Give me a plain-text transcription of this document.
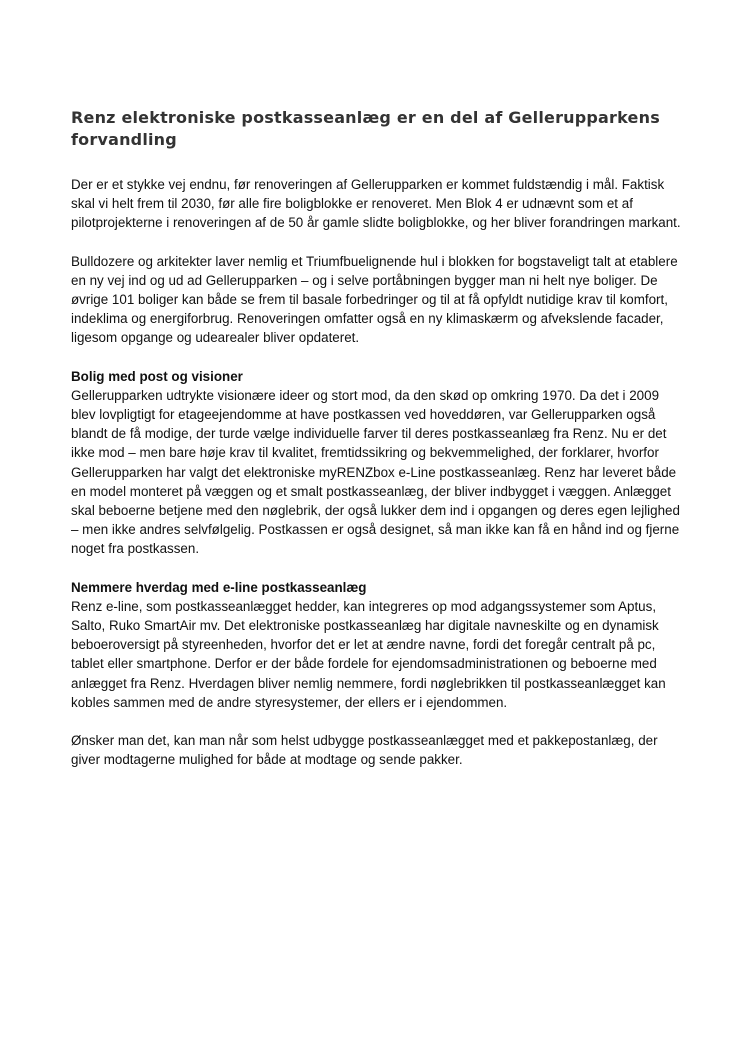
Renz elektroniske postkasseanlæg er en del af Gellerupparkens forvandling

Der er et stykke vej endnu, før renoveringen af Gellerupparken er kommet fuldstændig i mål. Faktisk skal vi helt frem til 2030, før alle fire boligblokke er renoveret. Men Blok 4 er udnævnt som et af pilotprojekterne i renoveringen af de 50 år gamle slidte boligblokke, og her bliver forandringen markant.

Bulldozere og arkitekter laver nemlig et Triumfbuelignende hul i blokken for bogstaveligt talt at etablere en ny vej ind og ud ad Gellerupparken – og i selve portåbningen bygger man ni helt nye boliger. De øvrige 101 boliger kan både se frem til basale forbedringer og til at få opfyldt nutidige krav til komfort, indeklima og energiforbrug. Renoveringen omfatter også en ny klimaskærm og afvekslende facader, ligesom opgange og udearealer bliver opdateret.

Bolig med post og visioner

Gellerupparken udtrykte visionære ideer og stort mod, da den skød op omkring 1970. Da det i 2009 blev lovpligtigt for etageejendomme at have postkassen ved hoveddøren, var Gellerupparken også blandt de få modige, der turde vælge individuelle farver til deres postkasseanlæg fra Renz. Nu er det ikke mod – men bare høje krav til kvalitet, fremtidssikring og bekvemmelighed, der forklarer, hvorfor Gellerupparken har valgt det elektroniske myRENZbox e-Line postkasseanlæg. Renz har leveret både en model monteret på væggen og et smalt postkasseanlæg, der bliver indbygget i væggen. Anlægget skal beboerne betjene med den nøglebrik, der også lukker dem ind i opgangen og deres egen lejlighed – men ikke andres selvfølgelig. Postkassen er også designet, så man ikke kan få en hånd ind og fjerne noget fra postkassen.

Nemmere hverdag med e-line postkasseanlæg

Renz e-line, som postkasseanlægget hedder, kan integreres op mod adgangssystemer som Aptus, Salto, Ruko SmartAir mv. Det elektroniske postkasseanlæg har digitale navneskilte og en dynamisk beboeroversigt på styreenheden, hvorfor det er let at ændre navne, fordi det foregår centralt på pc, tablet eller smartphone. Derfor er der både fordele for ejendomsadministrationen og beboerne med anlægget fra Renz. Hverdagen bliver nemlig nemmere, fordi nøglebrikken til postkasseanlægget kan kobles sammen med de andre styresystemer, der ellers er i ejendommen.

Ønsker man det, kan man når som helst udbygge postkasseanlægget med et pakkepostanlæg, der giver modtagerne mulighed for både at modtage og sende pakker.
